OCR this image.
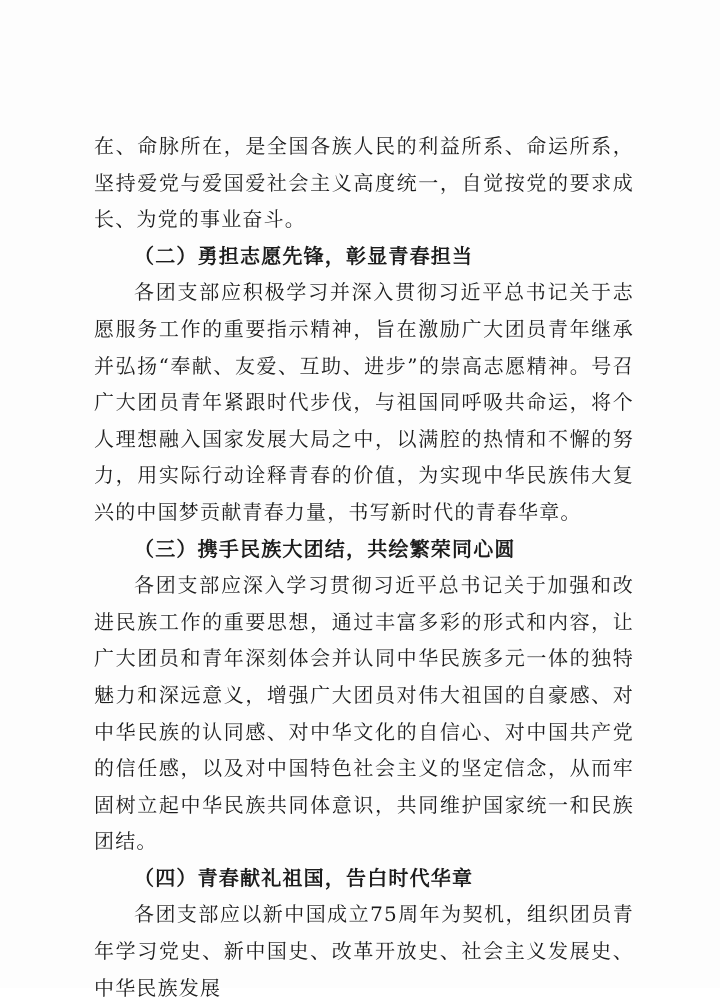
在、命脉所在，是全国各族人民的利益所系、命运所系，坚持爱党与爱国爱社会主义高度统一，自觉按党的要求成长、为党的事业奋斗。

（二）勇担志愿先锋，彰显青春担当

各团支部应积极学习并深入贯彻习近平总书记关于志愿服务工作的重要指示精神，旨在激励广大团员青年继承并弘扬“奉献、友爱、互助、进步”的崇高志愿精神。号召广大团员青年紧跟时代步伐，与祖国同呼吸共命运，将个人理想融入国家发展大局之中，以满腔的热情和不懈的努力，用实际行动诠释青春的价值，为实现中华民族伟大复兴的中国梦贡献青春力量，书写新时代的青春华章。

（三）携手民族大团结，共绘繁荣同心圆

各团支部应深入学习贯彻习近平总书记关于加强和改进民族工作的重要思想，通过丰富多彩的形式和内容，让广大团员和青年深刻体会并认同中华民族多元一体的独特魅力和深远意义，增强广大团员对伟大祖国的自豪感、对中华民族的认同感、对中华文化的自信心、对中国共产党的信任感，以及对中国特色社会主义的坚定信念，从而牢固树立起中华民族共同体意识，共同维护国家统一和民族团结。

（四）青春献礼祖国，告白时代华章

各团支部应以新中国成立75周年为契机，组织团员青年学习党史、新中国史、改革开放史、社会主义发展史、中华民族发展
